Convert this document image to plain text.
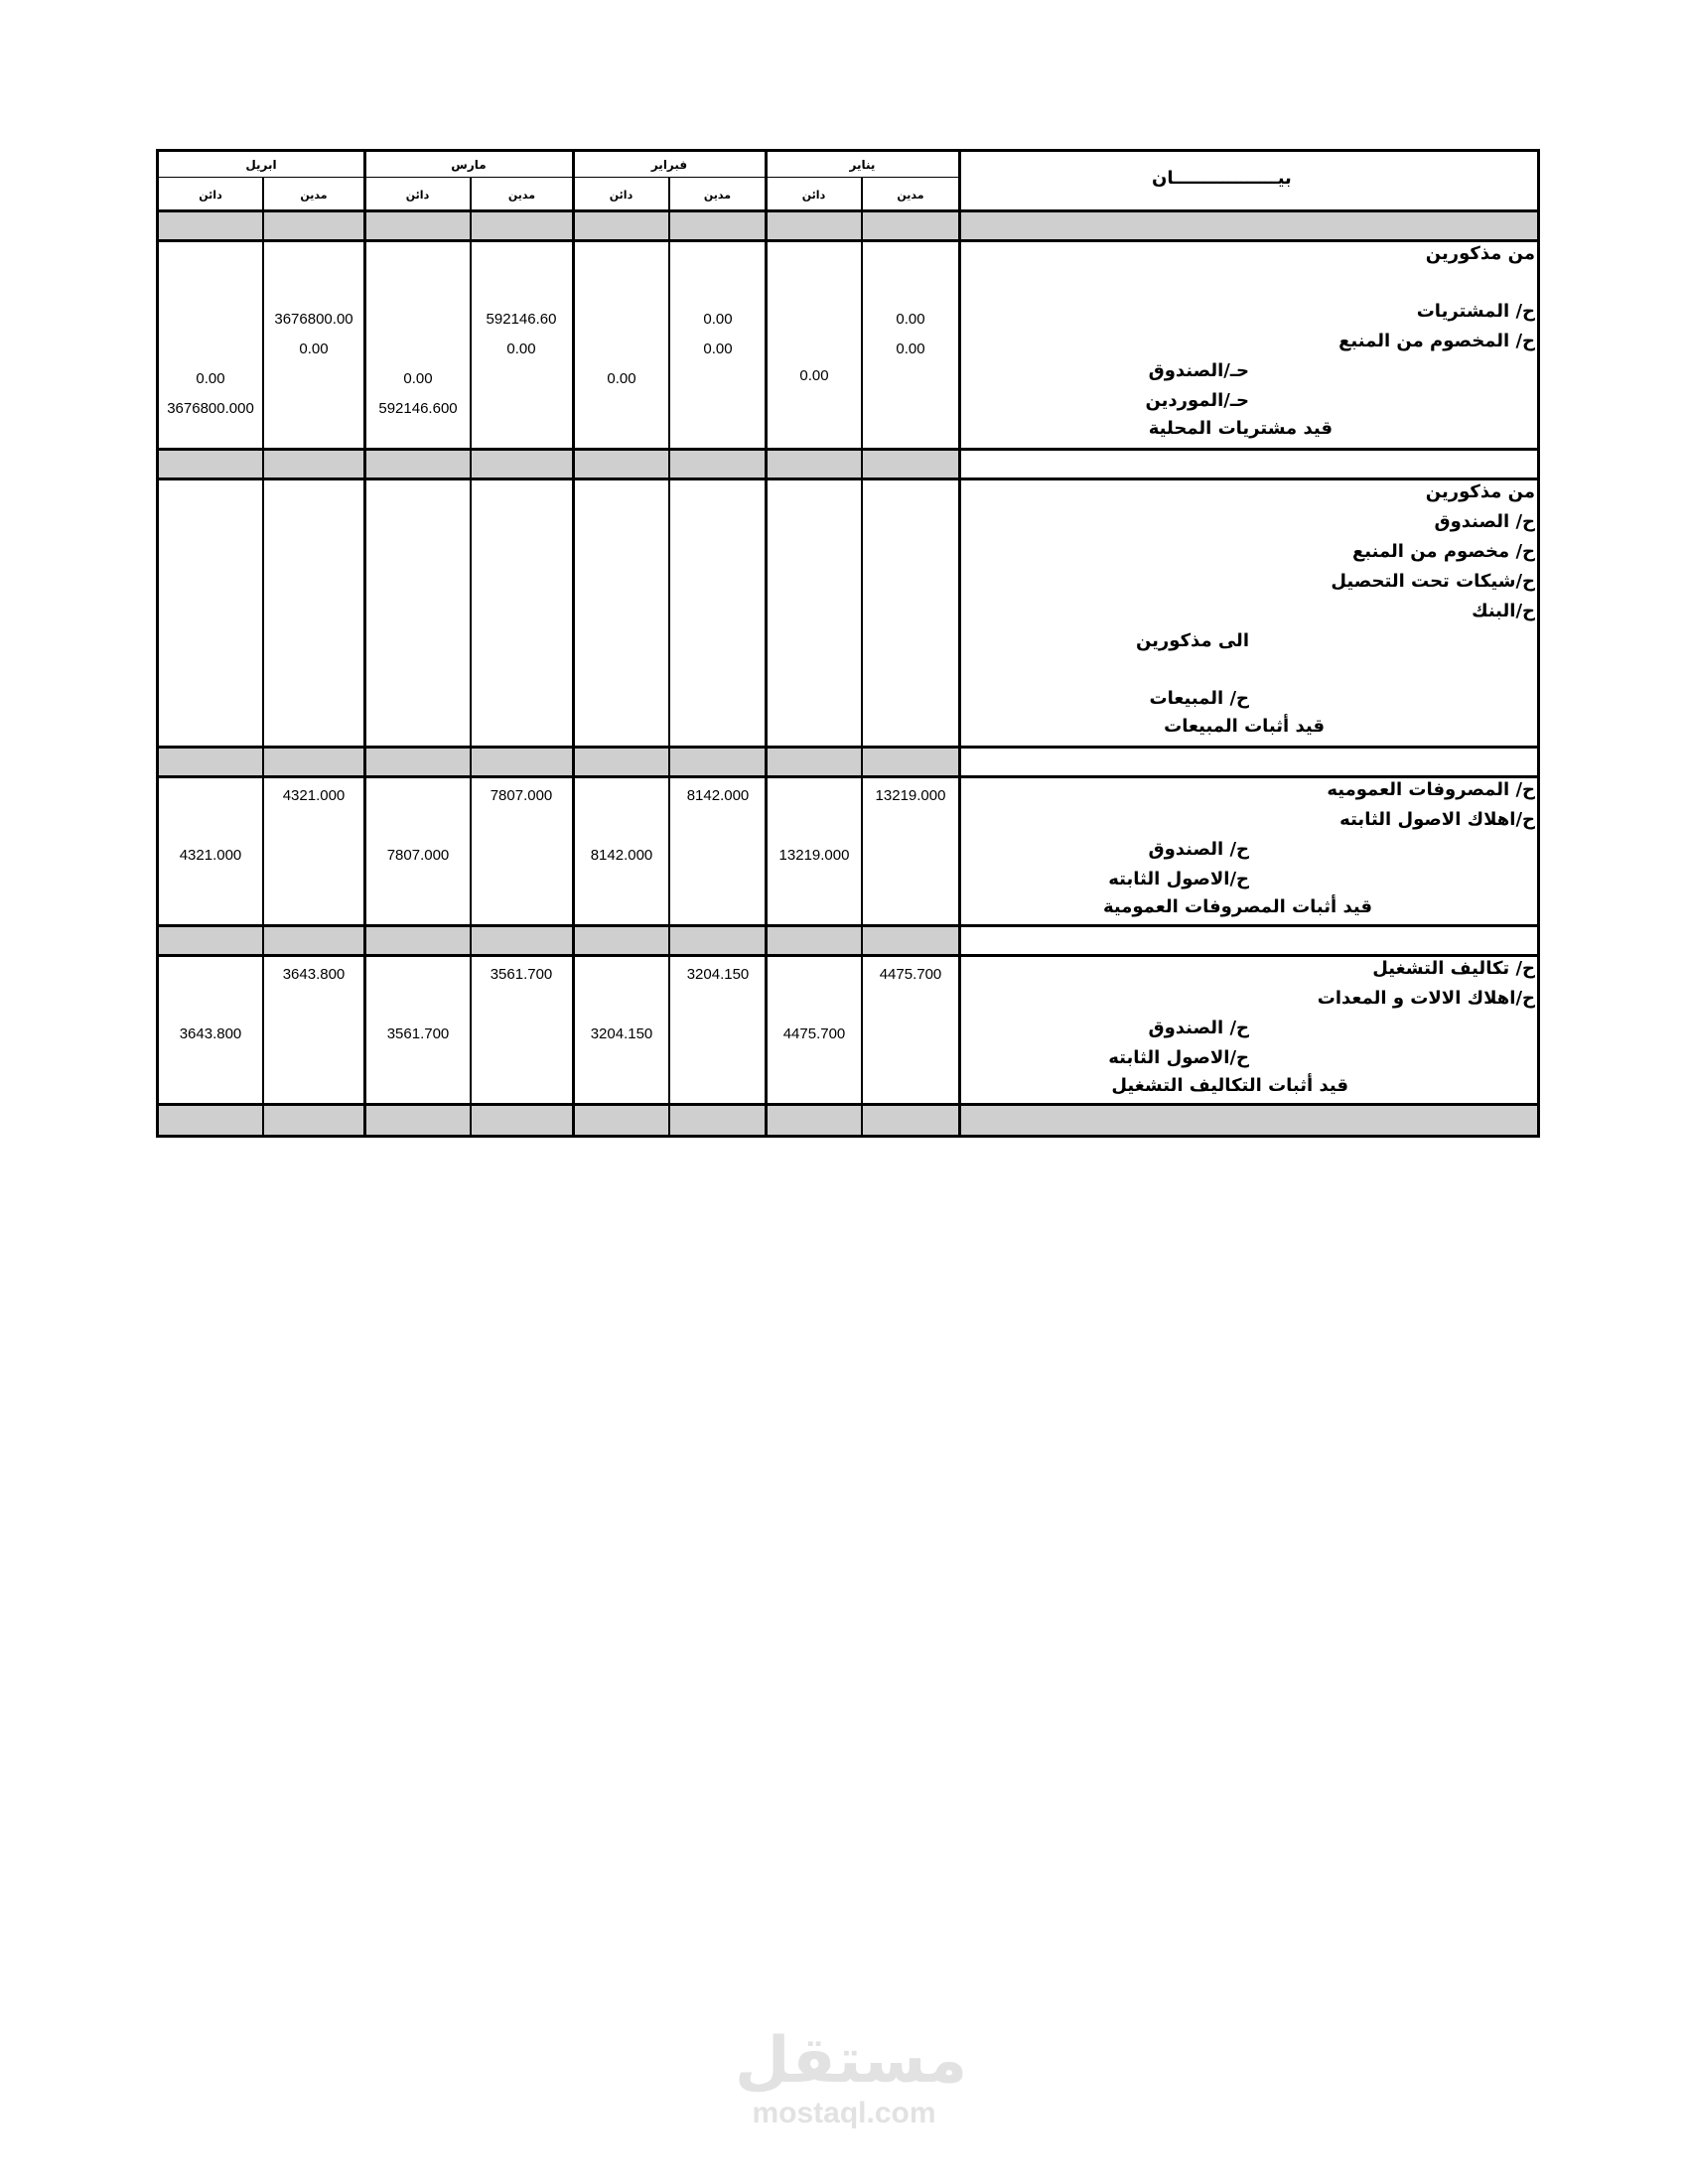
بيـــــــــــــــــان
يناير
فبراير
مارس
ابريل
مدين
دائن
مدين
دائن
مدين
دائن
مدين
دائن
من مذكورين
ح/ المشتريات
ح/ المخصوم من المنبع
حـ/الصندوق
حـ/الموردين
قيد مشتريات المحلية
0.00
0.00
0.00
0.00
0.00
0.00
592146.60
0.00
0.00
592146.600
3676800.00
0.00
0.00
3676800.000
من مذكورين
ح/ الصندوق
ح/ مخصوم من المنبع
ح/شيكات تحت التحصيل
ح/البنك
الى مذكورين
ح/ المبيعات
قيد أثبات المبيعات
ح/ المصروفات العموميه
ح/اهلاك الاصول الثابته
ح/ الصندوق
ح/الاصول الثابته
قيد أثبات المصروفات العمومية
13219.000
13219.000
8142.000
8142.000
7807.000
7807.000
4321.000
4321.000
ح/ تكاليف التشغيل
ح/اهلاك الالات و المعدات
ح/ الصندوق
ح/الاصول الثابته
قيد أثبات التكاليف التشغيل
4475.700
4475.700
3204.150
3204.150
3561.700
3561.700
3643.800
3643.800
مستقل
mostaql.com
